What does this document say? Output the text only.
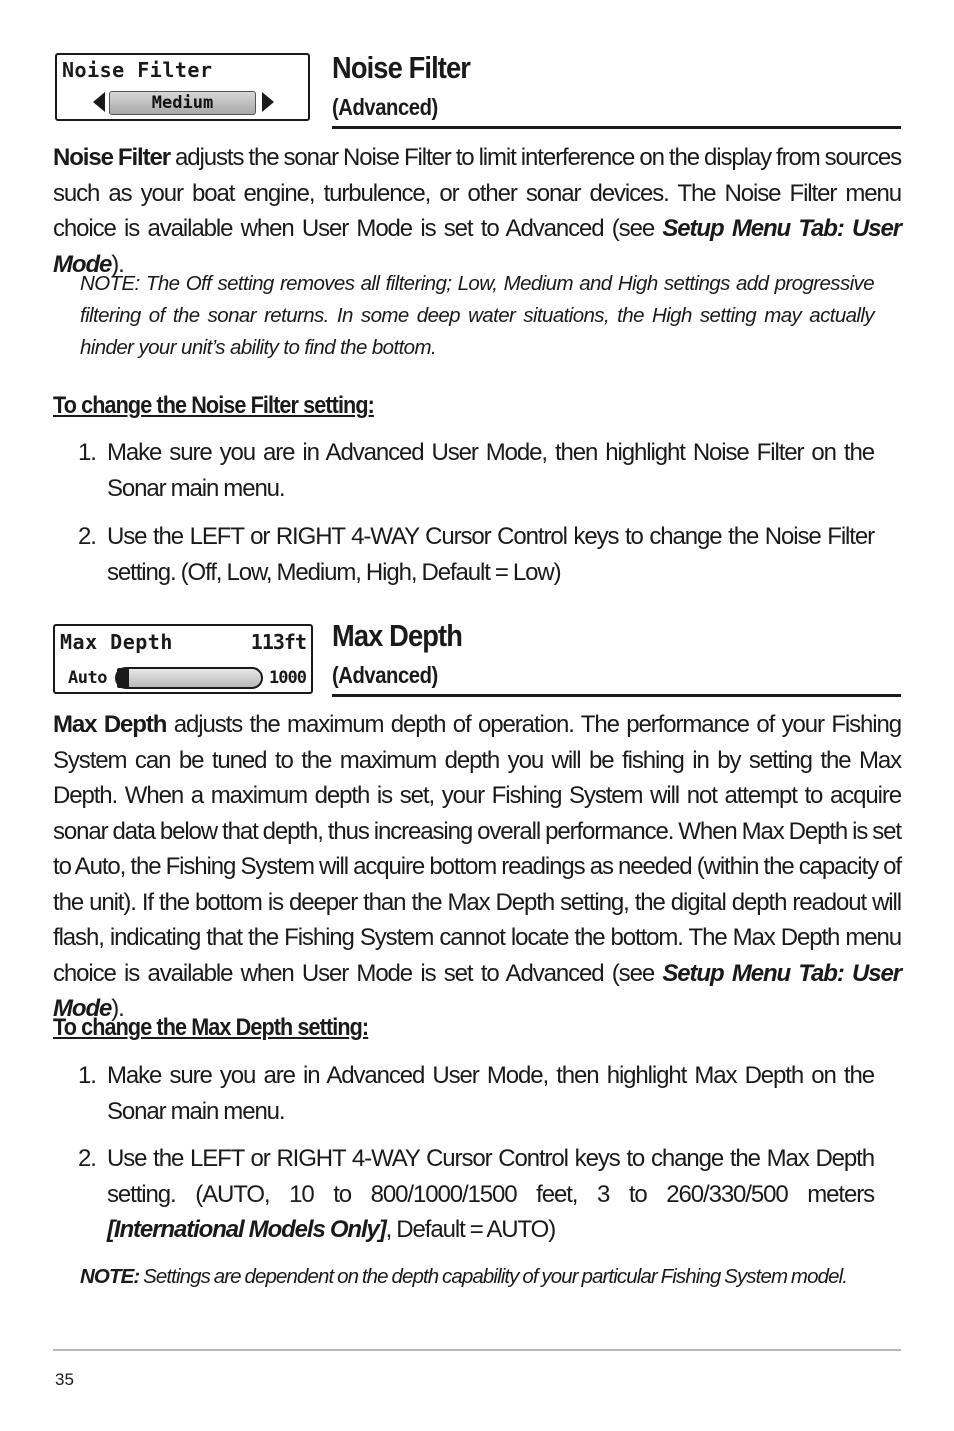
Noise Filter
Medium
Noise Filter
(Advanced)
Noise Filter adjusts the sonar Noise Filter to limit interference on the display from sources such as your boat engine, turbulence, or other sonar devices. The Noise Filter menu choice is available when User Mode is set to Advanced (see Setup Menu Tab: User Mode).
NOTE: The Off setting removes all filtering; Low, Medium and High settings add progressive filtering of the sonar returns. In some deep water situations, the High setting may actually hinder your unit’s ability to find the bottom.
To change the Noise Filter setting:
1. Make sure you are in Advanced User Mode, then highlight Noise Filter on the Sonar main menu.
2. Use the LEFT or RIGHT 4-WAY Cursor Control keys to change the Noise Filter setting. (Off, Low, Medium, High, Default = Low)
Max Depth	113ft
Auto	1000
Max Depth
(Advanced)
Max Depth adjusts the maximum depth of operation. The performance of your Fishing System can be tuned to the maximum depth you will be fishing in by setting the Max Depth. When a maximum depth is set, your Fishing System will not attempt to acquire sonar data below that depth, thus increasing overall performance. When Max Depth is set to Auto, the Fishing System will acquire bottom readings as needed (within the capacity of the unit). If the bottom is deeper than the Max Depth setting, the digital depth readout will flash, indicating that the Fishing System cannot locate the bottom. The Max Depth menu choice is available when User Mode is set to Advanced (see Setup Menu Tab: User Mode).
To change the Max Depth setting:
1. Make sure you are in Advanced User Mode, then highlight Max Depth on the Sonar main menu.
2. Use the LEFT or RIGHT 4-WAY Cursor Control keys to change the Max Depth setting. (AUTO, 10 to 800/1000/1500 feet, 3 to 260/330/500 meters [International Models Only], Default = AUTO)
NOTE: Settings are dependent on the depth capability of your particular Fishing System model.
35
